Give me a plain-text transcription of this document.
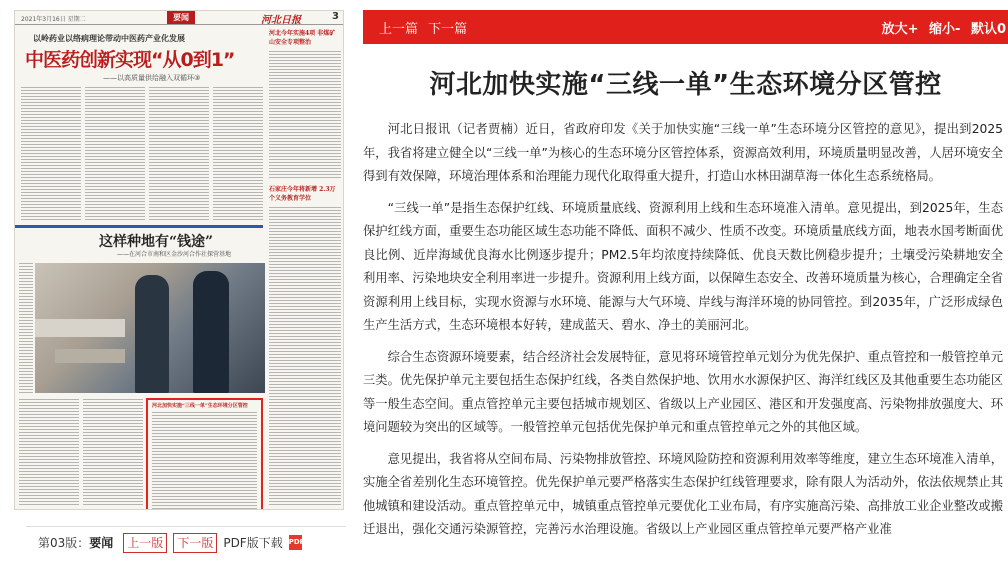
2021年3月16日 星期二	要闻	河北日报	3
以岭药业以络病理论带动中医药产业化发展
中医药创新实现“从0到1”
——以高质量供给融入双循环③
河北今年实施4项 非煤矿山安全专项整治
石家庄今年将新增 2.3万个义务教育学位
这样种地有“钱途”
——在河合市南和区金沙河合作社探营基地
河北加快实施“三线一单”生态环境分区管控
第03版：要闻	上一版	下一版 PDF版下载 PDF
上一篇 下一篇	放大+ 缩小- 默认0
河北加快实施“三线一单”生态环境分区管控

河北日报讯（记者贾楠）近日，省政府印发《关于加快实施“三线一单”生态环境分区管控的意见》，提出到2025年，我省将建立健全以“三线一单”为核心的生态环境分区管控体系，资源高效利用，环境质量明显改善，人居环境安全得到有效保障，环境治理体系和治理能力现代化取得重大提升，打造山水林田湖草海一体化生态系统格局。

“三线一单”是指生态保护红线、环境质量底线、资源利用上线和生态环境准入清单。意见提出，到2025年，生态保护红线方面，重要生态功能区域生态功能不降低、面积不减少、性质不改变。环境质量底线方面，地表水国考断面优良比例、近岸海域优良海水比例逐步提升；PM2.5年均浓度持续降低、优良天数比例稳步提升；土壤受污染耕地安全利用率、污染地块安全利用率进一步提升。资源利用上线方面，以保障生态安全、改善环境质量为核心，合理确定全省资源利用上线目标，实现水资源与水环境、能源与大气环境、岸线与海洋环境的协同管控。到2035年，广泛形成绿色生产生活方式，生态环境根本好转，建成蓝天、碧水、净土的美丽河北。

综合生态资源环境要素，结合经济社会发展特征，意见将环境管控单元划分为优先保护、重点管控和一般管控单元三类。优先保护单元主要包括生态保护红线，各类自然保护地、饮用水水源保护区、海洋红线区及其他重要生态功能区等一般生态空间。重点管控单元主要包括城市规划区、省级以上产业园区、港区和开发强度高、污染物排放强度大、环境问题较为突出的区域等。一般管控单元包括优先保护单元和重点管控单元之外的其他区域。

意见提出，我省将从空间布局、污染物排放管控、环境风险防控和资源利用效率等维度，建立生态环境准入清单，实施全省差别化生态环境管控。优先保护单元要严格落实生态保护红线管理要求，除有限人为活动外，依法依规禁止其他城镇和建设活动。重点管控单元中，城镇重点管控单元要优化工业布局，有序实施高污染、高排放工业企业整改或搬迁退出，强化交通污染源管控，完善污水治理设施。省级以上产业园区重点管控单元要严格产业准
